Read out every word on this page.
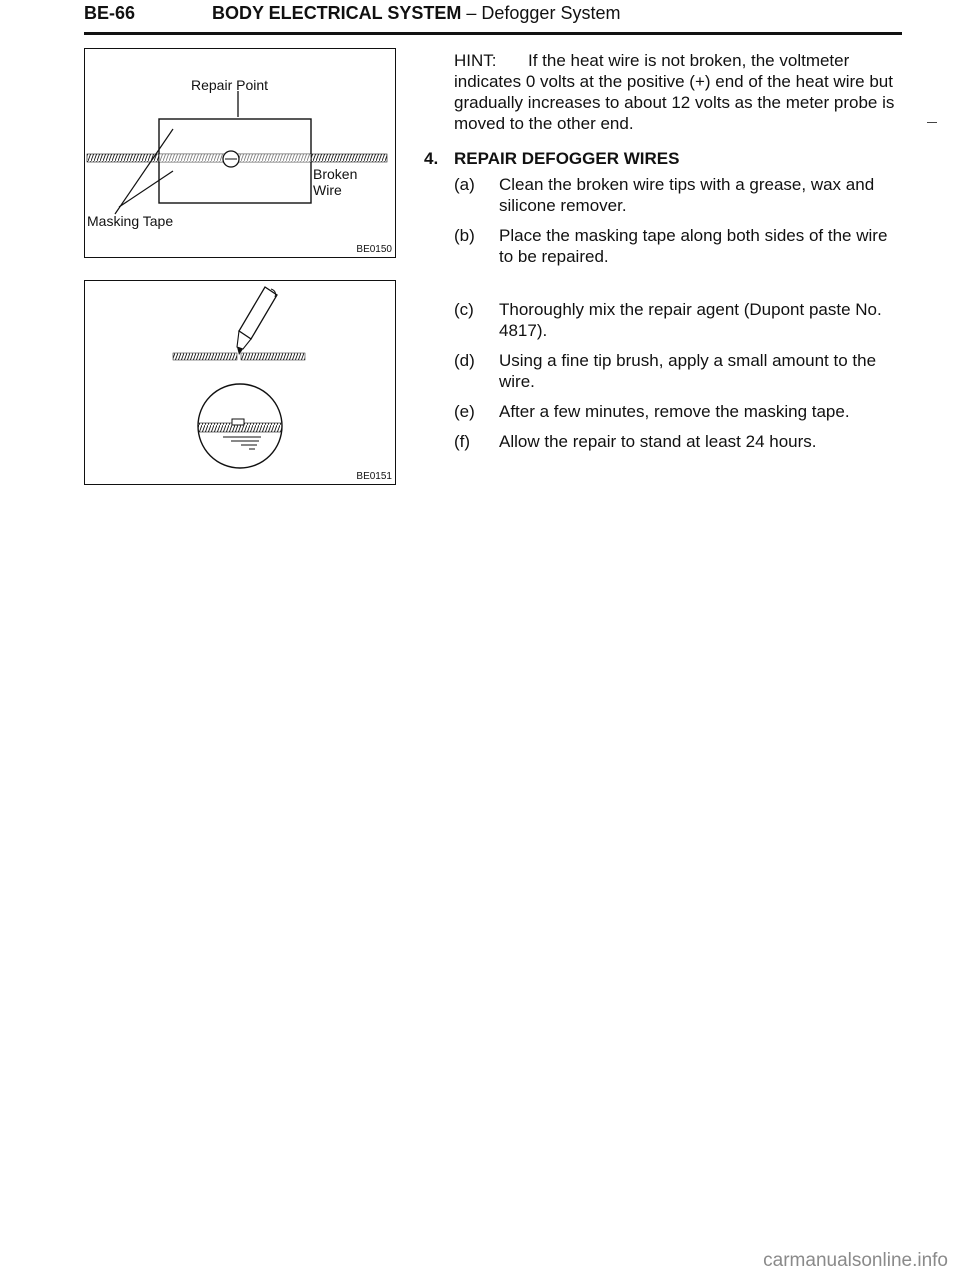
BE-66	BODY ELECTRICAL SYSTEM – Defogger System
Repair Point
Broken
Wire
Masking Tape
BE0150
BE0151

HINT: If the heat wire is not broken, the voltmeter indicates 0 volts at the positive (+) end of the heat wire but gradually increases to about 12 volts as the meter probe is moved to the other end.

4. REPAIR DEFOGGER WIRES
(a) Clean the broken wire tips with a grease, wax and silicone remover.
(b) Place the masking tape along both sides of the wire to be repaired.
(c) Thoroughly mix the repair agent (Dupont paste No. 4817).
(d) Using a fine tip brush, apply a small amount to the wire.
(e) After a few minutes, remove the masking tape.
(f) Allow the repair to stand at least 24 hours.
carmanualsonline.info
